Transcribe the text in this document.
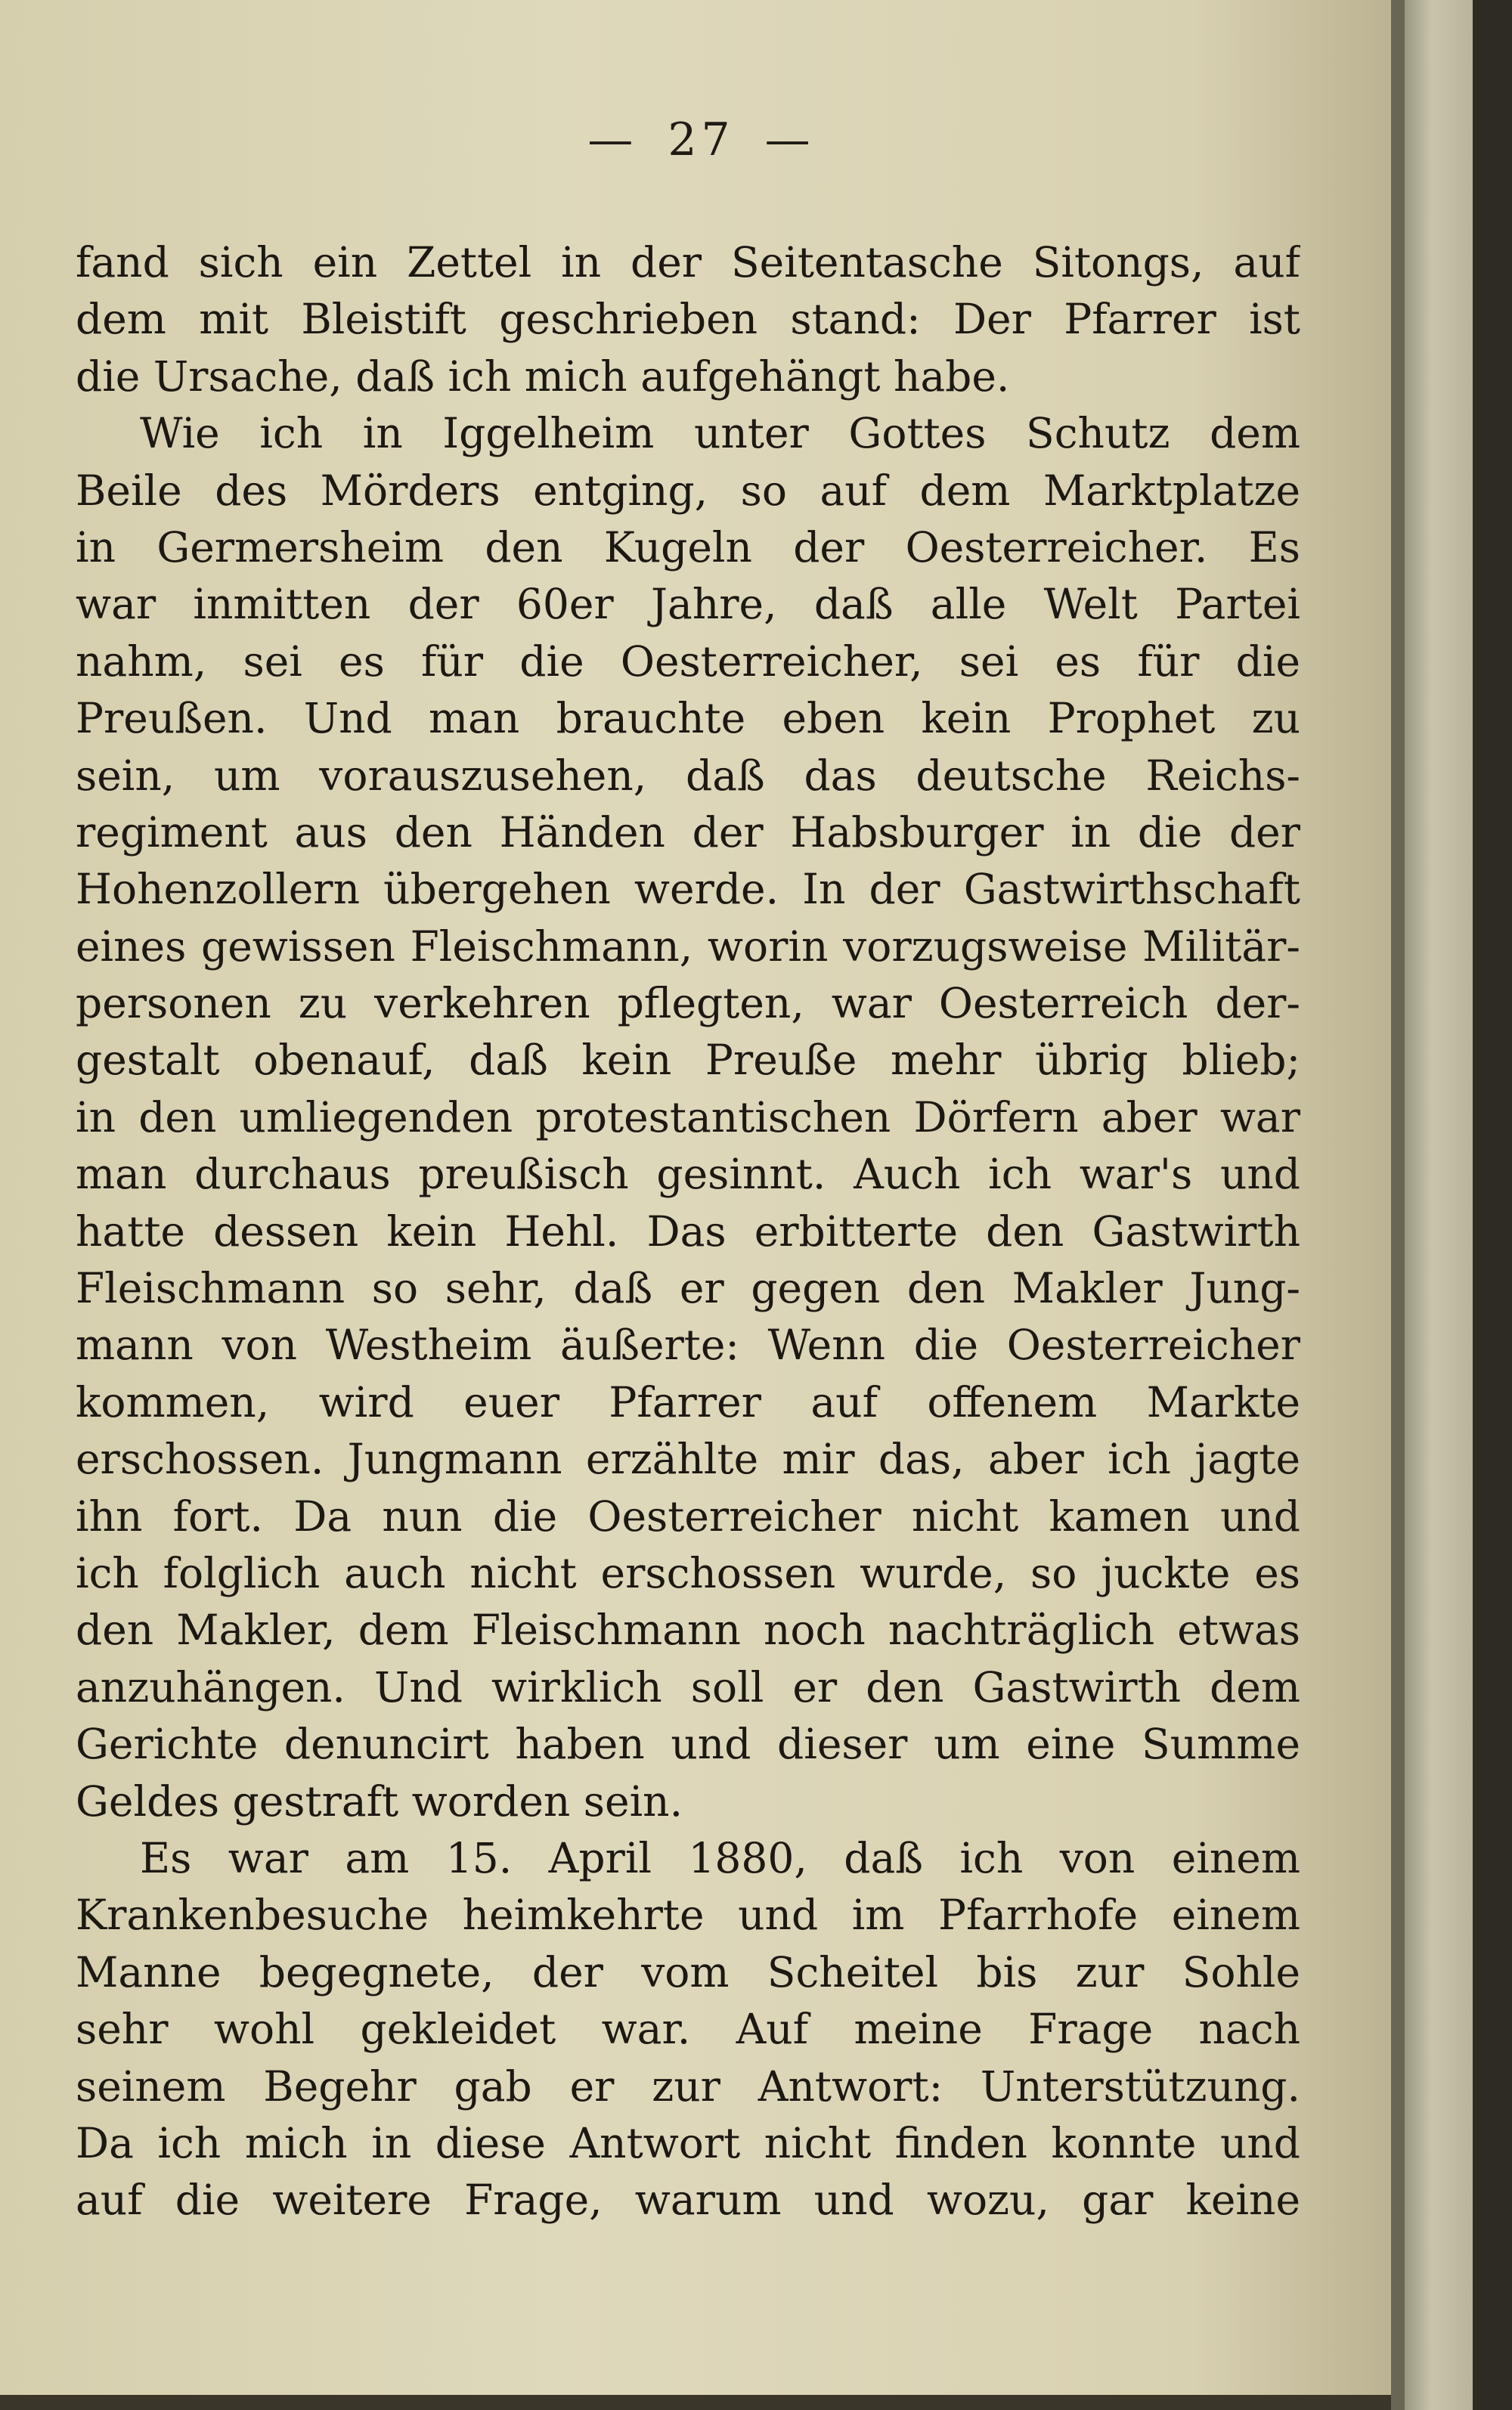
— 27 —
fand sich ein Zettel in der Seitentasche Sitongs, auf
dem mit Bleistift geschrieben stand: Der Pfarrer ist
die Ursache, daß ich mich aufgehängt habe.
Wie ich in Iggelheim unter Gottes Schutz dem
Beile des Mörders entging, so auf dem Marktplatze
in Germersheim den Kugeln der Oesterreicher. Es
war inmitten der 60er Jahre, daß alle Welt Partei
nahm, sei es für die Oesterreicher, sei es für die
Preußen. Und man brauchte eben kein Prophet zu
sein, um vorauszusehen, daß das deutsche Reichs-
regiment aus den Händen der Habsburger in die der
Hohenzollern übergehen werde. In der Gastwirthschaft
eines gewissen Fleischmann, worin vorzugsweise Militär-
personen zu verkehren pflegten, war Oesterreich der-
gestalt obenauf, daß kein Preuße mehr übrig blieb;
in den umliegenden protestantischen Dörfern aber war
man durchaus preußisch gesinnt. Auch ich war's und
hatte dessen kein Hehl. Das erbitterte den Gastwirth
Fleischmann so sehr, daß er gegen den Makler Jung-
mann von Westheim äußerte: Wenn die Oesterreicher
kommen, wird euer Pfarrer auf offenem Markte
erschossen. Jungmann erzählte mir das, aber ich jagte
ihn fort. Da nun die Oesterreicher nicht kamen und
ich folglich auch nicht erschossen wurde, so juckte es
den Makler, dem Fleischmann noch nachträglich etwas
anzuhängen. Und wirklich soll er den Gastwirth dem
Gerichte denuncirt haben und dieser um eine Summe
Geldes gestraft worden sein.
Es war am 15. April 1880, daß ich von einem
Krankenbesuche heimkehrte und im Pfarrhofe einem
Manne begegnete, der vom Scheitel bis zur Sohle
sehr wohl gekleidet war. Auf meine Frage nach
seinem Begehr gab er zur Antwort: Unterstützung.
Da ich mich in diese Antwort nicht finden konnte und
auf die weitere Frage, warum und wozu, gar keine
